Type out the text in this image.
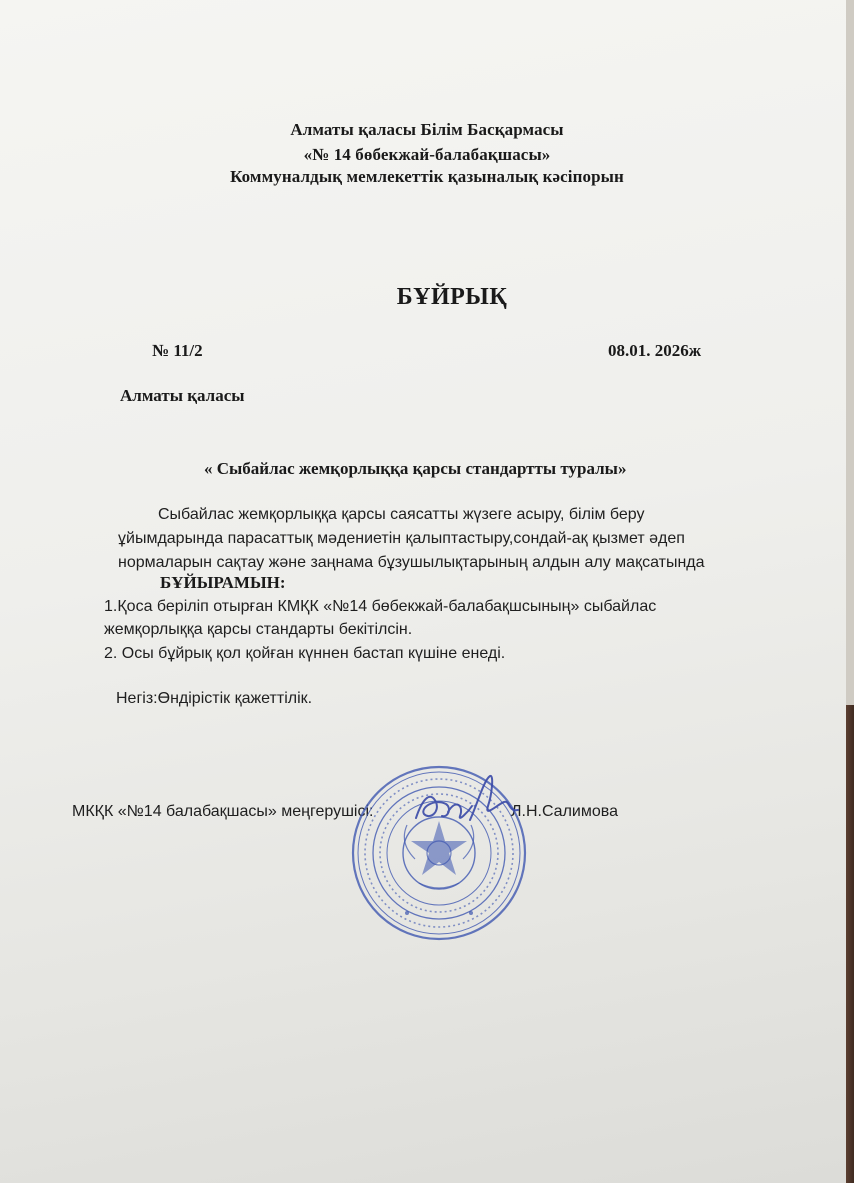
Алматы қаласы Білім Басқармасы
«№ 14 бөбекжай-балабақшасы»
Коммуналдық мемлекеттік қазыналық кәсіпорын
БҰЙРЫҚ
№ 11/2	08.01. 2026ж
Алматы қаласы
« Сыбайлас жемқорлыққа қарсы стандартты туралы»
Сыбайлас жемқорлыққа қарсы саясатты жүзеге асыру, білім беру
ұйымдарында парасаттық мәдениетін қалыптастыру,сондай-ақ қызмет әдеп
нормаларын сақтау және заңнама бұзушылықтарының алдын алу мақсатында
БҰЙЫРАМЫН:
1.Қоса беріліп отырған КМҚК «№14 бөбекжай-балабақшсының» сыбайлас
жемқорлыққа қарсы стандарты бекітілсін.
2. Осы бұйрық қол қойған күннен бастап күшіне енеді.
Негіз:Өндірістік қажеттілік.
МКҚК «№14 балабақшасы» меңгерушісі:	Л.Н.Салимова
